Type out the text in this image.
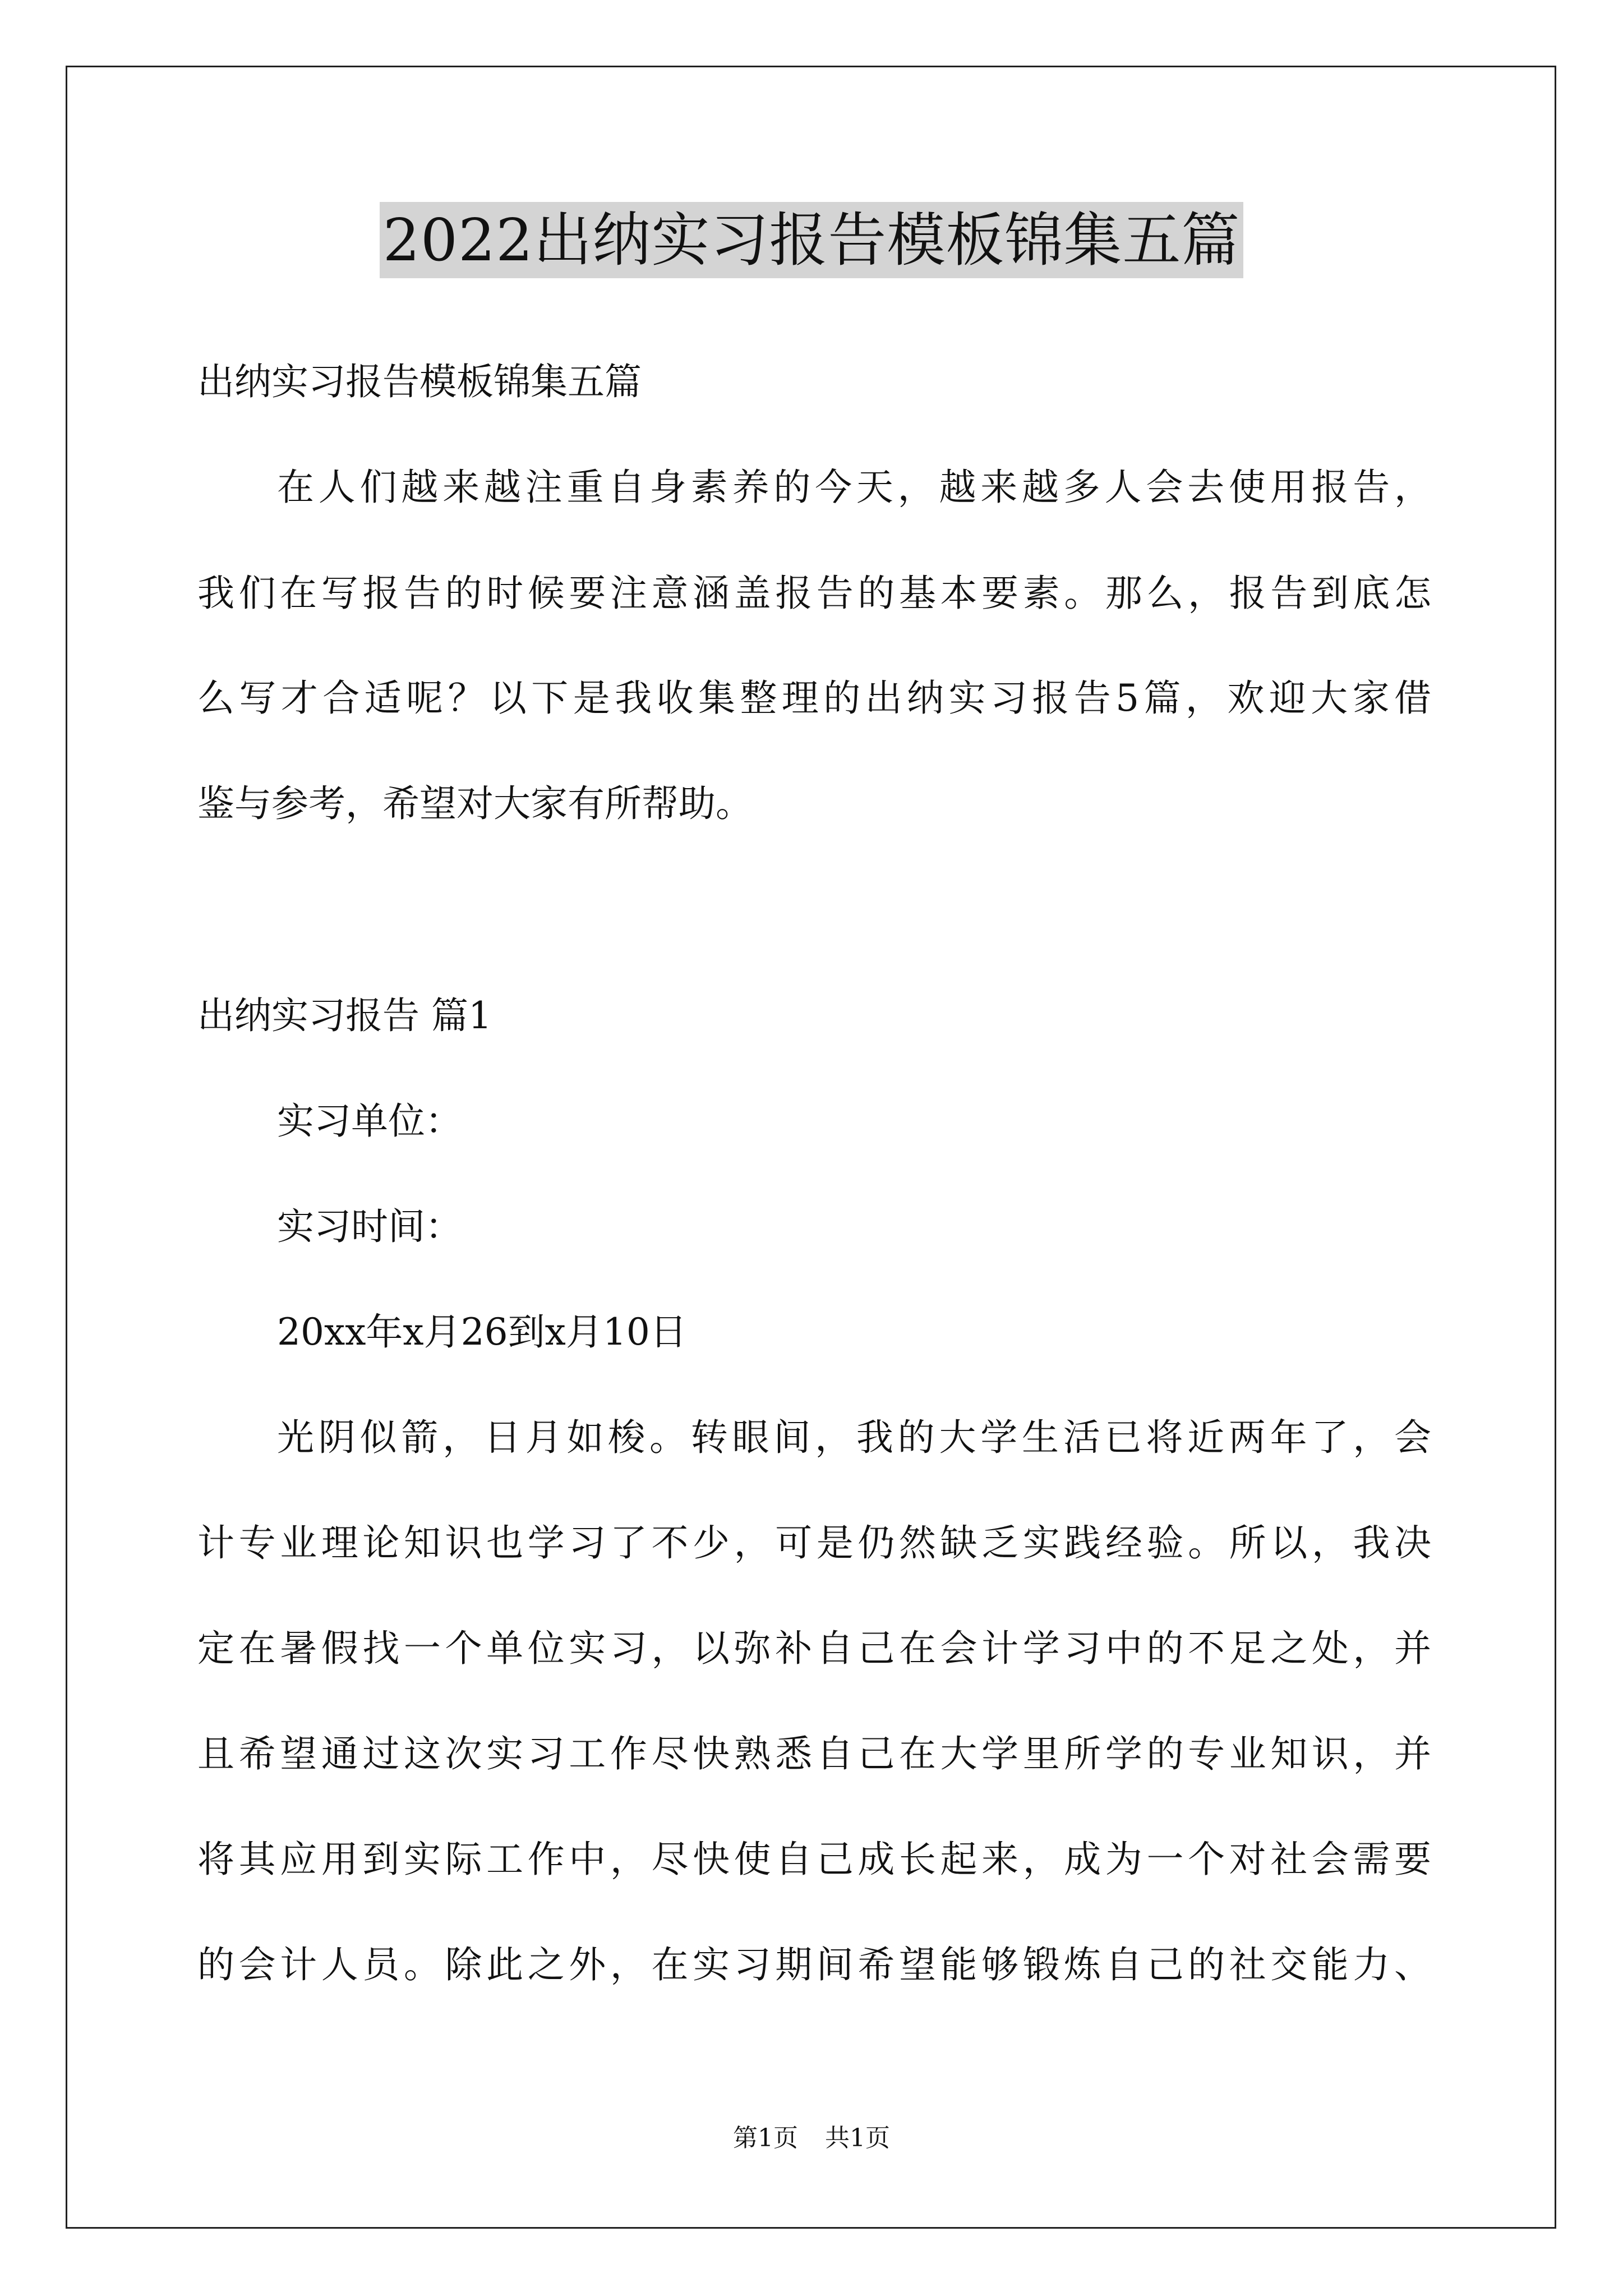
2022出纳实习报告模板锦集五篇
出纳实习报告模板锦集五篇
在人们越来越注重自身素养的今天，越来越多人会去使用报告，
我们在写报告的时候要注意涵盖报告的基本要素。那么，报告到底怎
么写才合适呢？以下是我收集整理的出纳实习报告5篇，欢迎大家借
鉴与参考，希望对大家有所帮助。
出纳实习报告 篇1
实习单位：
实习时间：
20xx年x月26到x月10日
光阴似箭，日月如梭。转眼间，我的大学生活已将近两年了，会
计专业理论知识也学习了不少，可是仍然缺乏实践经验。所以，我决
定在暑假找一个单位实习，以弥补自己在会计学习中的不足之处，并
且希望通过这次实习工作尽快熟悉自己在大学里所学的专业知识，并
将其应用到实际工作中，尽快使自己成长起来，成为一个对社会需要
的会计人员。除此之外，在实习期间希望能够锻炼自己的社交能力、
第1页 共1页
